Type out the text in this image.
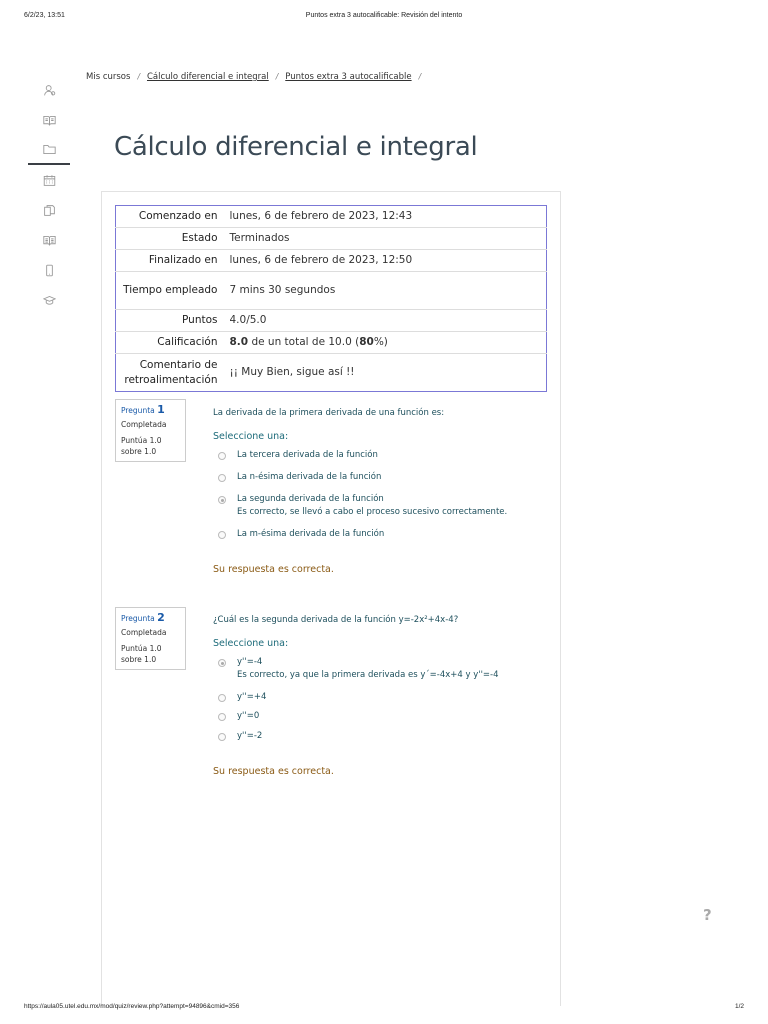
6/2/23, 13:51	Puntos extra 3 autocalificable: Revisión del intento
Mis cursos / Cálculo diferencial e integral / Puntos extra 3 autocalificable /
Cálculo diferencial e integral
Comenzado en	lunes, 6 de febrero de 2023, 12:43
Estado	Terminados
Finalizado en	lunes, 6 de febrero de 2023, 12:50
Tiempo empleado	7 mins 30 segundos
Puntos	4.0/5.0
Calificación	8.0 de un total de 10.0 (80%)
Comentario de retroalimentación	¡¡ Muy Bien, sigue así !!
Pregunta 1
Completada
Puntúa 1.0 sobre 1.0
La derivada de la primera derivada de una función es:
Seleccione una:
La tercera derivada de la función
La n-ésima derivada de la función
La segunda derivada de la función
Es correcto, se llevó a cabo el proceso sucesivo correctamente.
La m-ésima derivada de la función
Su respuesta es correcta.
Pregunta 2
Completada
Puntúa 1.0 sobre 1.0
¿Cuál es la segunda derivada de la función y=-2x²+4x-4?
Seleccione una:
y''=-4
Es correcto, ya que la primera derivada es y´=-4x+4 y y''=-4
y''=+4
y''=0
y''=-2
Su respuesta es correcta.
?
https://aula05.utel.edu.mx/mod/quiz/review.php?attempt=94896&cmid=356	1/2
